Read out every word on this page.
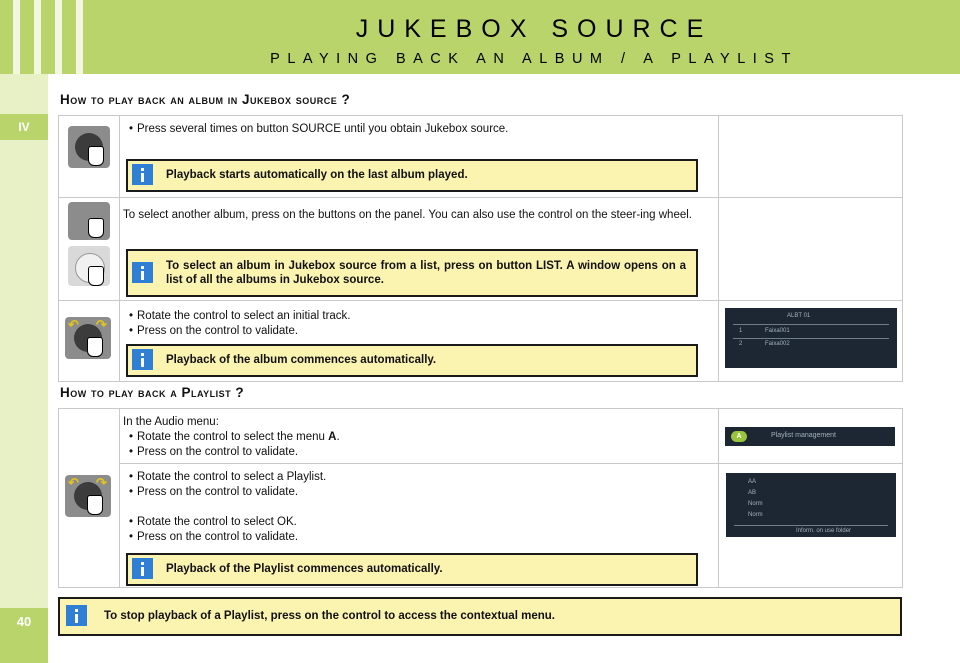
JUKEBOX SOURCE
PLAYING BACK AN ALBUM / A PLAYLIST
IV
40
How to play back an album in Jukebox source ?
• Press several times on button SOURCE until you obtain Jukebox source.
Playback starts automatically on the last album played.
To select another album, press on the buttons on the panel. You can also use the control on the steer-ing wheel.
To select an album in Jukebox source from a list, press on button LIST. A window opens on a list of all the albums in Jukebox source.
↶ ↷
• Rotate the control to select an initial track.
• Press on the control to validate.
Playback of the album commences automatically.
ALBT 01
1	Faixa001
2	Faixa002
How to play back a Playlist ?
↶ ↷
In the Audio menu:
• Rotate the control to select the menu A.
• Press on the control to validate.
A	Playlist management
• Rotate the control to select a Playlist.
• Press on the control to validate.
• Rotate the control to select OK.
• Press on the control to validate.
Playback of the Playlist commences automatically.
AA
AB
Norm
Norm
Inform. on use folder
To stop playback of a Playlist, press on the control to access the contextual menu.
